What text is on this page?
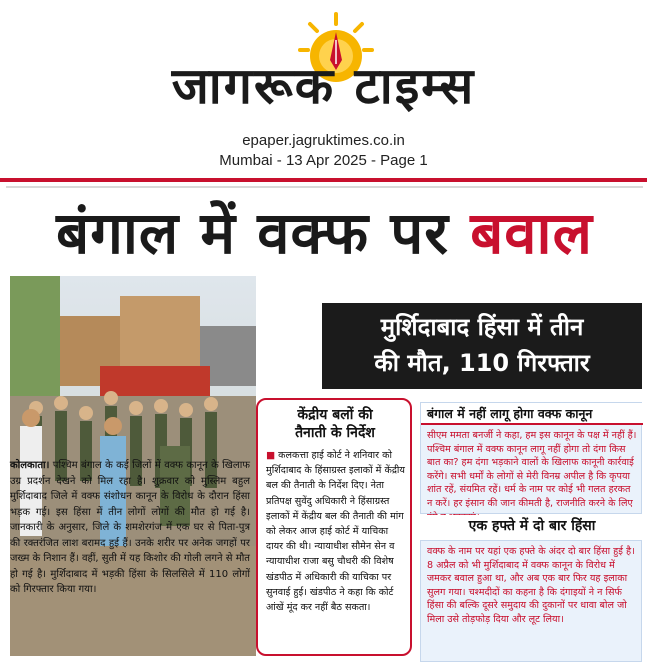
जागरूक टाइम्स
epaper.jagruktimes.co.in
Mumbai - 13 Apr 2025 - Page 1
बंगाल में वक्फ पर बवाल
मुर्शिदाबाद हिंसा में तीन
की मौत, 110 गिरफ्तार
केंद्रीय बलों की
तैनाती के निर्देश
■ कलकत्ता हाई कोर्ट ने शनिवार को मुर्शिदाबाद के हिंसाग्रस्त इलाकों में केंद्रीय बल की तैनाती के निर्देश दिए। नेता प्रतिपक्ष सुवेंदु अधिकारी ने हिंसाग्रस्त इलाकों में केंद्रीय बल की तैनाती की मांग को लेकर आज हाई कोर्ट में याचिका दायर की थी। न्यायाधीश सौमेन सेन व न्यायाधीश राजा बसु चौधरी की विशेष खंडपीठ में अधिकारी की याचिका पर सुनवाई हुई। खंडपीठ ने कहा कि कोर्ट आंखें मूंद कर नहीं बैठ सकता।
बंगाल में नहीं लागू होगा वक्फ कानून
सीएम ममता बनर्जी ने कहा, हम इस कानून के पक्ष में नहीं हैं। पश्चिम बंगाल में वक्फ कानून लागू नहीं होगा तो दंगा किस बात का? हम दंगा भड़काने वालों के खिलाफ कानूनी कार्रवाई करेंगे। सभी धर्मों के लोगों से मेरी विनम्र अपील है कि कृपया शांत रहें, संयमित रहें। धर्म के नाम पर कोई भी गलत हरकत न करें। हर इंसान की जान कीमती है, राजनीति करने के लिए
एक हफ्ते में दो बार हिंसा
वक्फ के नाम पर यहां एक हफ्ते के अंदर दो बार हिंसा हुई है। 8 अप्रैल को भी मुर्शिदाबाद में वक्फ कानून के विरोध में जमकर बवाल हुआ था, और अब एक बार फिर यह इलाका सुलग गया। चश्मदीदों का कहना है कि दंगाइयों ने न सिर्फ हिंसा की बल्कि दूसरे समुदाय की दुकानों पर धावा बोल जो मिला उसे तोड़फोड़ दिया और लूट लिया।
कोलकाता। पश्चिम बंगाल के कई जिलों में वक्फ कानून के खिलाफ उग्र प्रदर्शन देखने को मिल रहा है। शुक्रवार को मुस्लिम बहुल मुर्शिदाबाद जिले में वक्फ संशोधन कानून के विरोध के दौरान हिंसा भड़क गई। इस हिंसा में तीन लोगों लोगों की मौत हो गई है। जानकारी के अनुसार, जिले के शमशेरगंज में एक घर से पिता-पुत्र की रक्तरंजित लाश बरामद हुई हैं। उनके शरीर पर अनेक जगहों पर जख्म के निशान हैं। वहीं, सुती में यह किशोर की गोली लगने से मौत हो गई है। मुर्शिदाबाद में भड़की हिंसा के सिलसिले में 110 लोगों को गिरफ्तार किया गया।
